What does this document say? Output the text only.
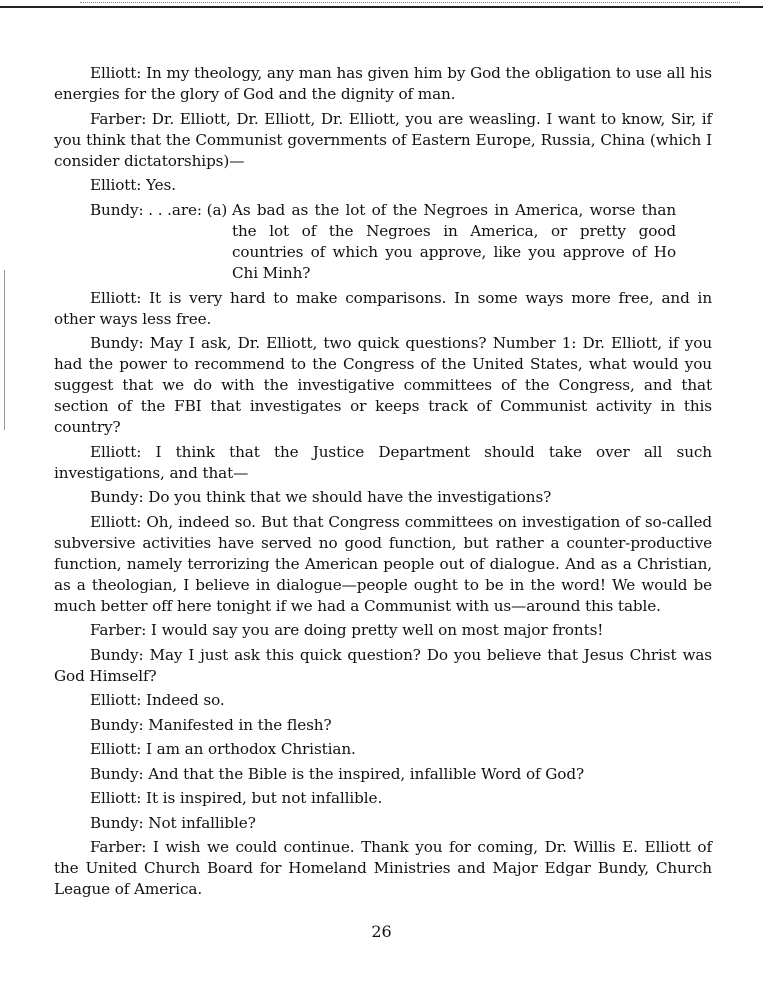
Elliott: In my theology, any man has given him by God the obligation to use all his energies for the glory of God and the dignity of man.

Farber: Dr. Elliott, Dr. Elliott, Dr. Elliott, you are weasling. I want to know, Sir, if you think that the Communist governments of Eastern Europe, Russia, China (which I consider dictatorships)—

Elliott: Yes.

Bundy: . . .are: (a) As bad as the lot of the Negroes in America, worse than the lot of the Negroes in America, or pretty good countries of which you approve, like you approve of Ho Chi Minh?

Elliott: It is very hard to make comparisons. In some ways more free, and in other ways less free.

Bundy: May I ask, Dr. Elliott, two quick questions? Number 1: Dr. Elliott, if you had the power to recommend to the Congress of the United States, what would you suggest that we do with the investigative committees of the Congress, and that section of the FBI that investigates or keeps track of Communist activity in this country?

Elliott: I think that the Justice Department should take over all such investigations, and that—

Bundy: Do you think that we should have the investigations?

Elliott: Oh, indeed so. But that Congress committees on investigation of so-called subversive activities have served no good function, but rather a counter-productive function, namely terrorizing the American people out of dialogue. And as a Christian, as a theologian, I believe in dialogue—people ought to be in the word! We would be much better off here tonight if we had a Communist with us—around this table.

Farber: I would say you are doing pretty well on most major fronts!

Bundy: May I just ask this quick question? Do you believe that Jesus Christ was God Himself?

Elliott: Indeed so.

Bundy: Manifested in the flesh?

Elliott: I am an orthodox Christian.

Bundy: And that the Bible is the inspired, infallible Word of God?

Elliott: It is inspired, but not infallible.

Bundy: Not infallible?

Farber: I wish we could continue. Thank you for coming, Dr. Willis E. Elliott of the United Church Board for Homeland Ministries and Major Edgar Bundy, Church League of America.

26
